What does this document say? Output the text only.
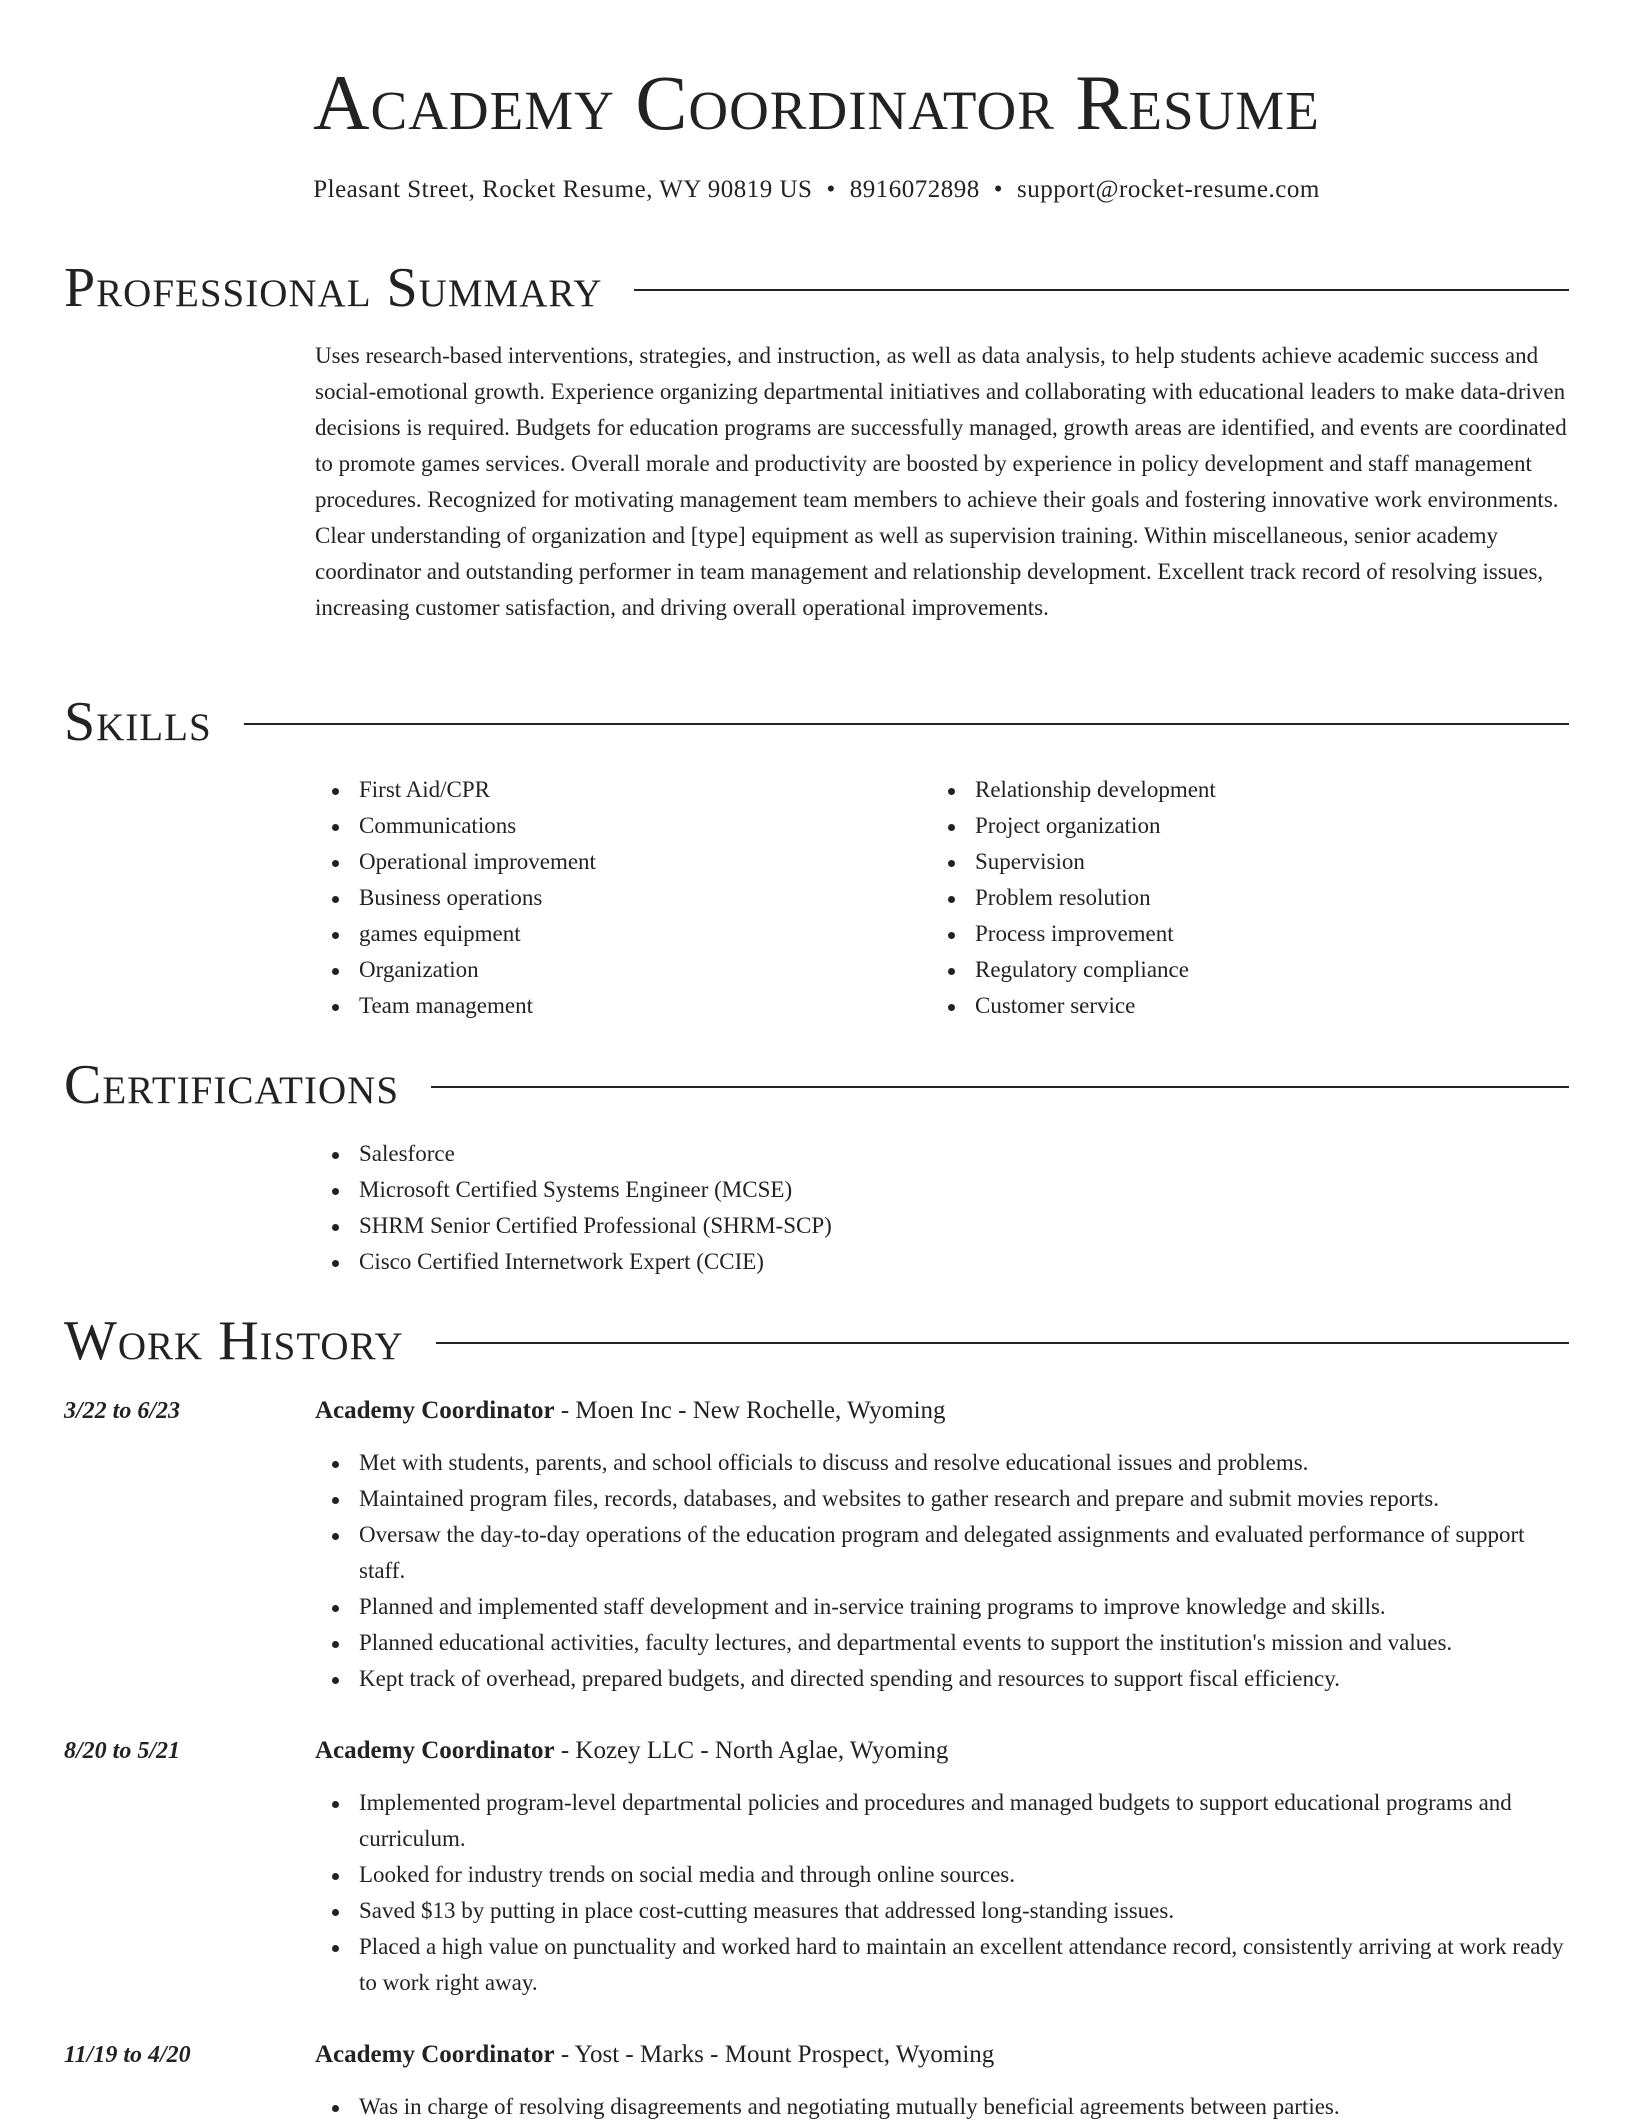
Academy Coordinator Resume
Pleasant Street, Rocket Resume, WY 90819 US • 8916072898 • support@rocket-resume.com
Professional Summary

Uses research-based interventions, strategies, and instruction, as well as data analysis, to help students achieve academic success and social-emotional growth. Experience organizing departmental initiatives and collaborating with educational leaders to make data-driven decisions is required. Budgets for education programs are successfully managed, growth areas are identified, and events are coordinated to promote games services. Overall morale and productivity are boosted by experience in policy development and staff management procedures. Recognized for motivating management team members to achieve their goals and fostering innovative work environments. Clear understanding of organization and [type] equipment as well as supervision training. Within miscellaneous, senior academy coordinator and outstanding performer in team management and relationship development. Excellent track record of resolving issues, increasing customer satisfaction, and driving overall operational improvements.

Skills
First Aid/CPR
Communications
Operational improvement
Business operations
games equipment
Organization
Team management
Relationship development
Project organization
Supervision
Problem resolution
Process improvement
Regulatory compliance
Customer service
Certifications
Salesforce
Microsoft Certified Systems Engineer (MCSE)
SHRM Senior Certified Professional (SHRM-SCP)
Cisco Certified Internetwork Expert (CCIE)
Work History
3/22 to 6/23	Academy Coordinator - Moen Inc - New Rochelle, Wyoming
Met with students, parents, and school officials to discuss and resolve educational issues and problems.
Maintained program files, records, databases, and websites to gather research and prepare and submit movies reports.
Oversaw the day-to-day operations of the education program and delegated assignments and evaluated performance of support staff.
Planned and implemented staff development and in-service training programs to improve knowledge and skills.
Planned educational activities, faculty lectures, and departmental events to support the institution's mission and values.
Kept track of overhead, prepared budgets, and directed spending and resources to support fiscal efficiency.
8/20 to 5/21	Academy Coordinator - Kozey LLC - North Aglae, Wyoming
Implemented program-level departmental policies and procedures and managed budgets to support educational programs and curriculum.
Looked for industry trends on social media and through online sources.
Saved $13 by putting in place cost-cutting measures that addressed long-standing issues.
Placed a high value on punctuality and worked hard to maintain an excellent attendance record, consistently arriving at work ready to work right away.
11/19 to 4/20	Academy Coordinator - Yost - Marks - Mount Prospect, Wyoming
Was in charge of resolving disagreements and negotiating mutually beneficial agreements between parties.
